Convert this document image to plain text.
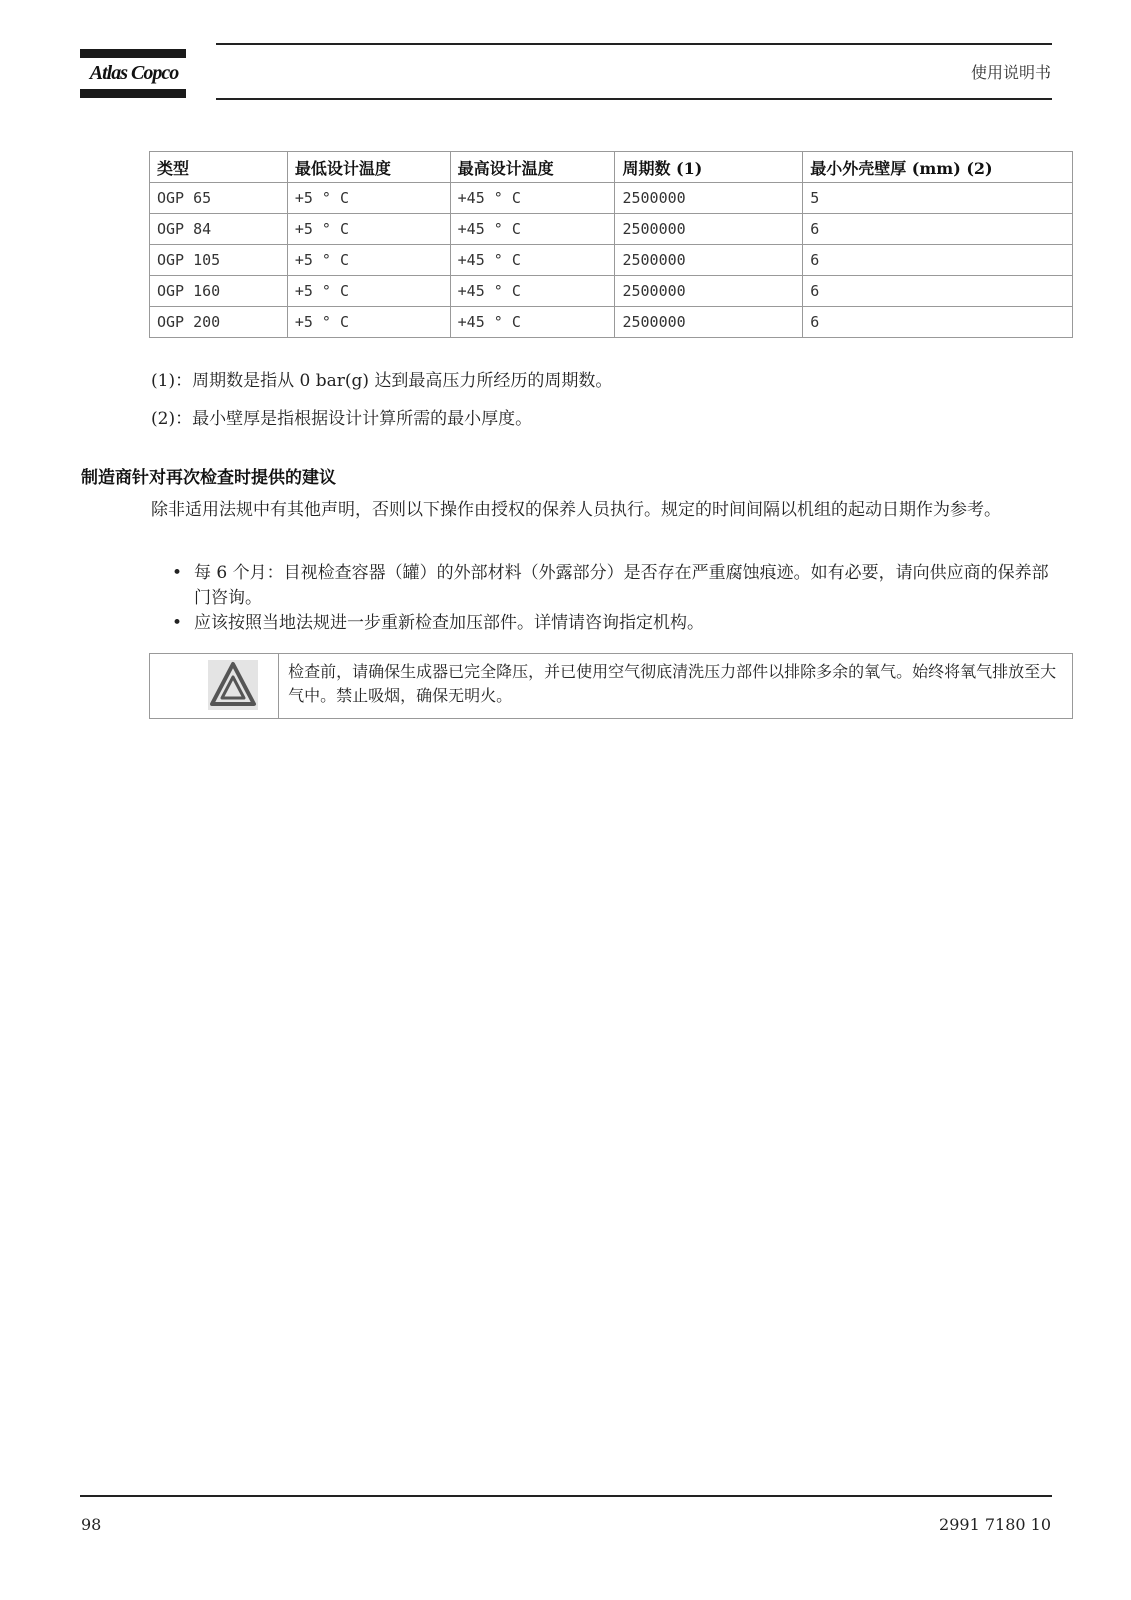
Atlas Copco	使用说明书
类型	最低设计温度	最高设计温度	周期数 (1)	最小外壳壁厚 (mm) (2)
OGP 65	+5 ° C	+45 ° C	2500000	5
OGP 84	+5 ° C	+45 ° C	2500000	6
OGP 105	+5 ° C	+45 ° C	2500000	6
OGP 160	+5 ° C	+45 ° C	2500000	6
OGP 200	+5 ° C	+45 ° C	2500000	6
(1)：周期数是指从 0 bar(g) 达到最高压力所经历的周期数。
(2)：最小壁厚是指根据设计计算所需的最小厚度。
制造商针对再次检查时提供的建议
除非适用法规中有其他声明，否则以下操作由授权的保养人员执行。规定的时间间隔以机组的起动日期作为参考。
• 每 6 个月：目视检查容器（罐）的外部材料（外露部分）是否存在严重腐蚀痕迹。如有必要，请向供应商的保养部门咨询。
• 应该按照当地法规进一步重新检查加压部件。详情请咨询指定机构。
检查前，请确保生成器已完全降压，并已使用空气彻底清洗压力部件以排除多余的氧气。始终将氧气排放至大气中。禁止吸烟，确保无明火。
98	2991 7180 10
